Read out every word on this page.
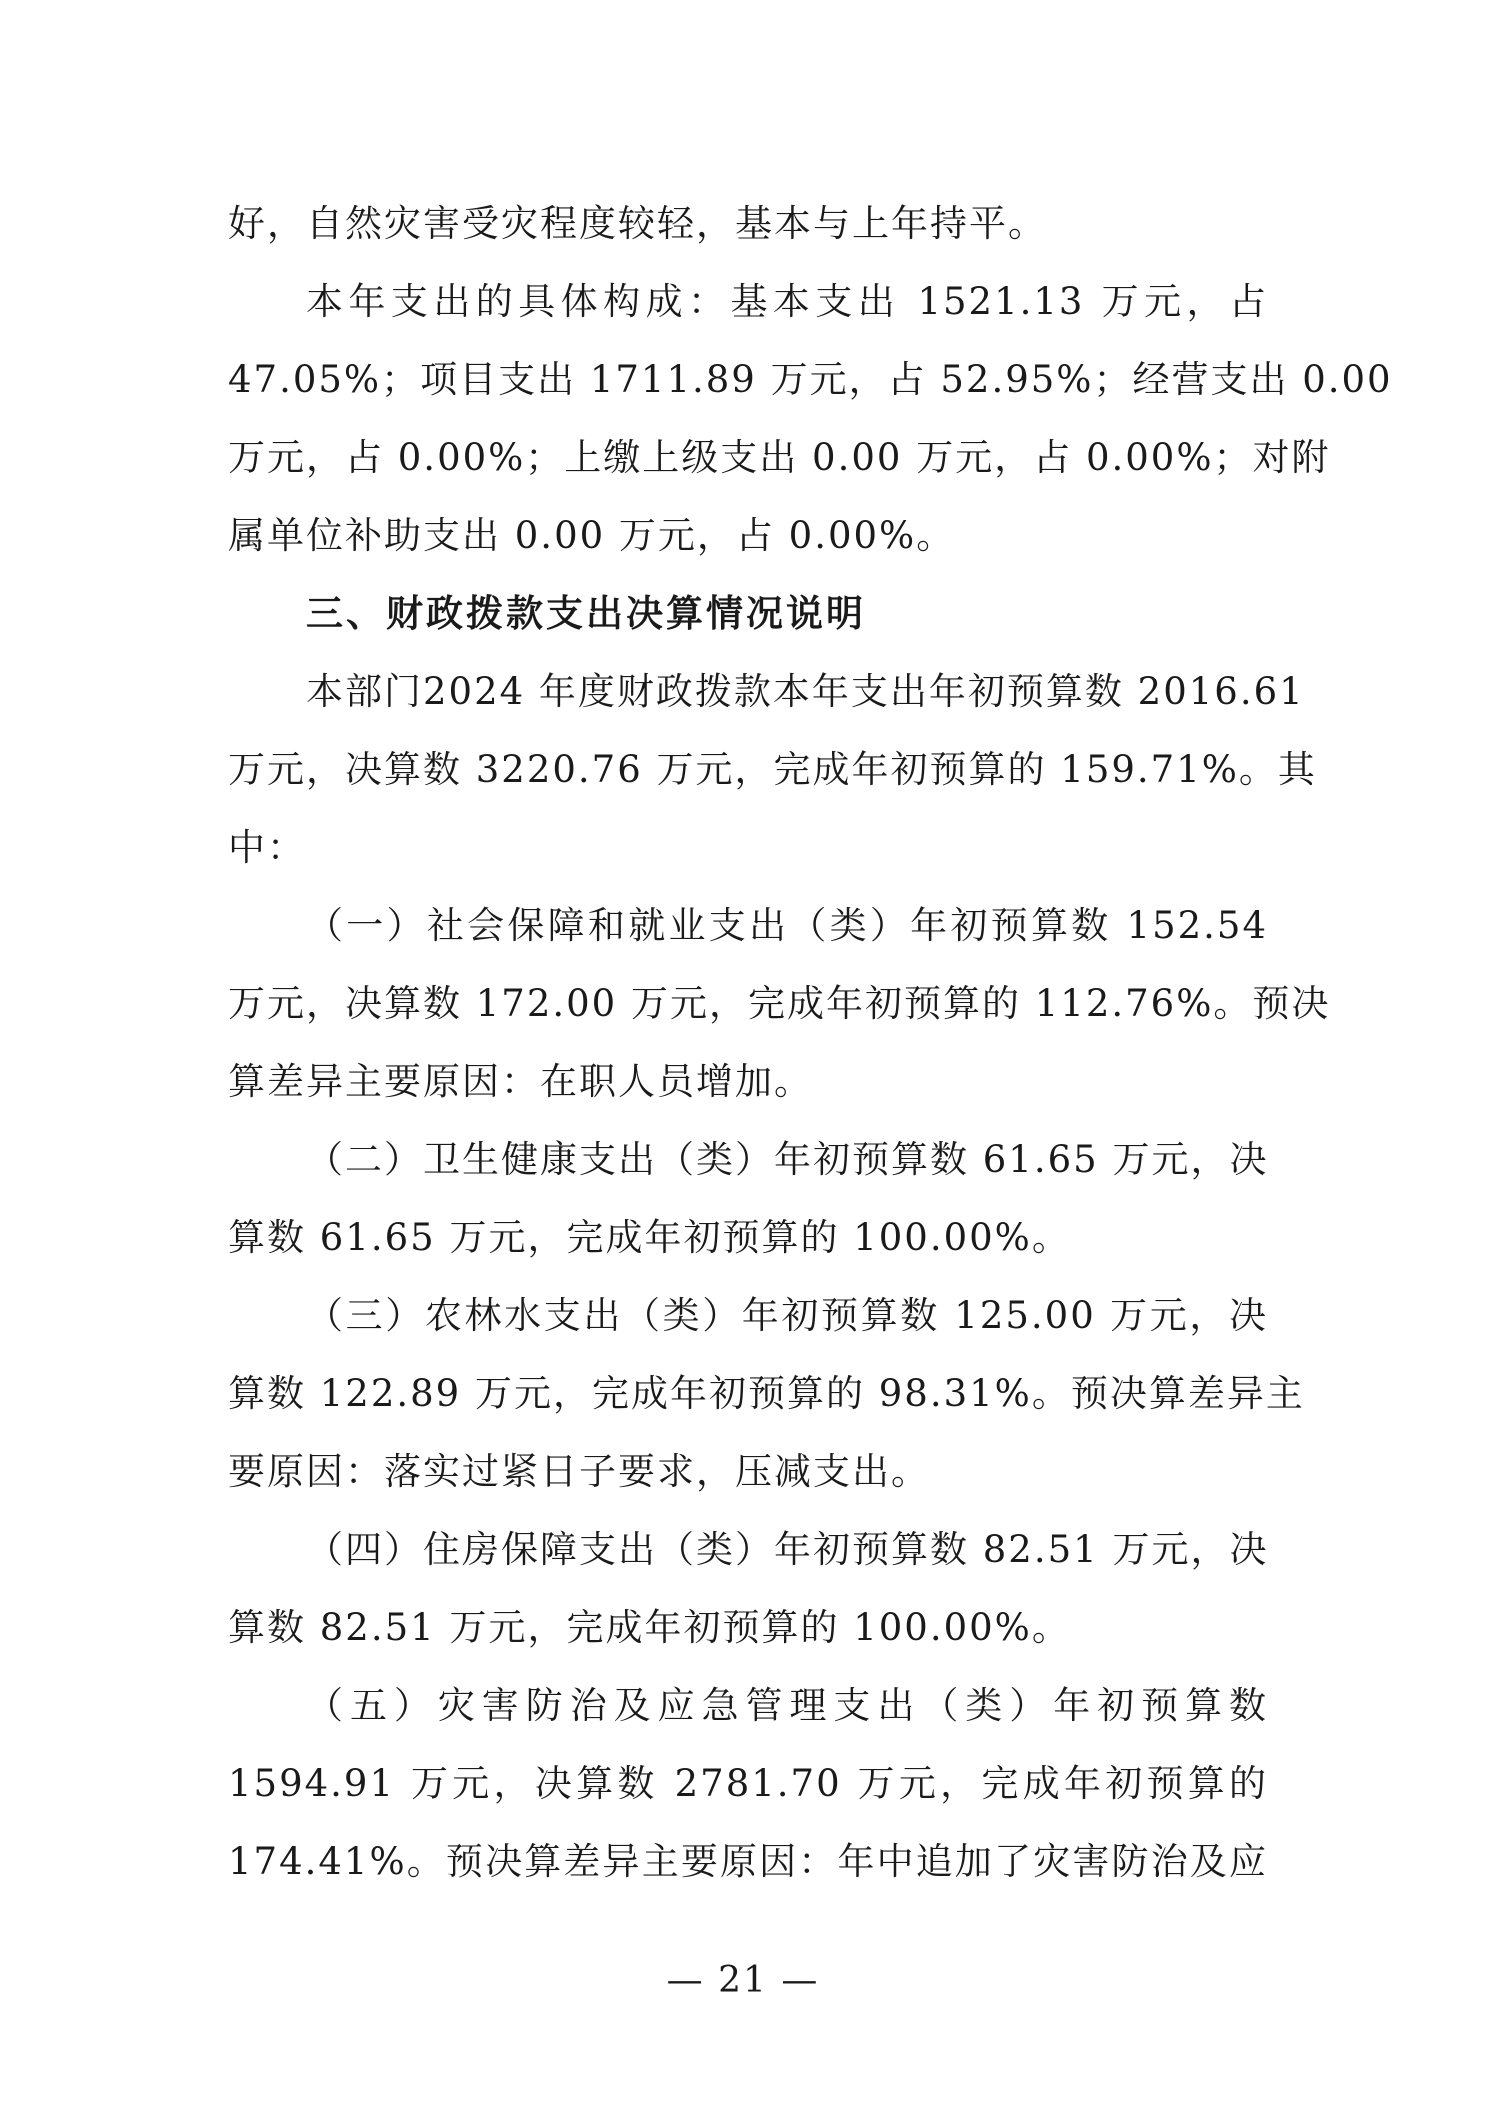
好，自然灾害受灾程度较轻，基本与上年持平。
本年支出的具体构成：基本支出 1521.13 万元，占
47.05%；项目支出 1711.89 万元，占 52.95%；经营支出 0.00
万元，占 0.00%；上缴上级支出 0.00 万元，占 0.00%；对附
属单位补助支出 0.00 万元，占 0.00%。
三、财政拨款支出决算情况说明
本部门2024 年度财政拨款本年支出年初预算数 2016.61
万元，决算数 3220.76 万元，完成年初预算的 159.71%。其
中：
（一）社会保障和就业支出（类）年初预算数 152.54
万元，决算数 172.00 万元，完成年初预算的 112.76%。预决
算差异主要原因：在职人员增加。
（二）卫生健康支出（类）年初预算数 61.65 万元，决
算数 61.65 万元，完成年初预算的 100.00%。
（三）农林水支出（类）年初预算数 125.00 万元，决
算数 122.89 万元，完成年初预算的 98.31%。预决算差异主
要原因：落实过紧日子要求，压减支出。
（四）住房保障支出（类）年初预算数 82.51 万元，决
算数 82.51 万元，完成年初预算的 100.00%。
（五）灾害防治及应急管理支出（类）年初预算数
1594.91 万元，决算数 2781.70 万元，完成年初预算的
174.41%。预决算差异主要原因：年中追加了灾害防治及应
— 21 —
